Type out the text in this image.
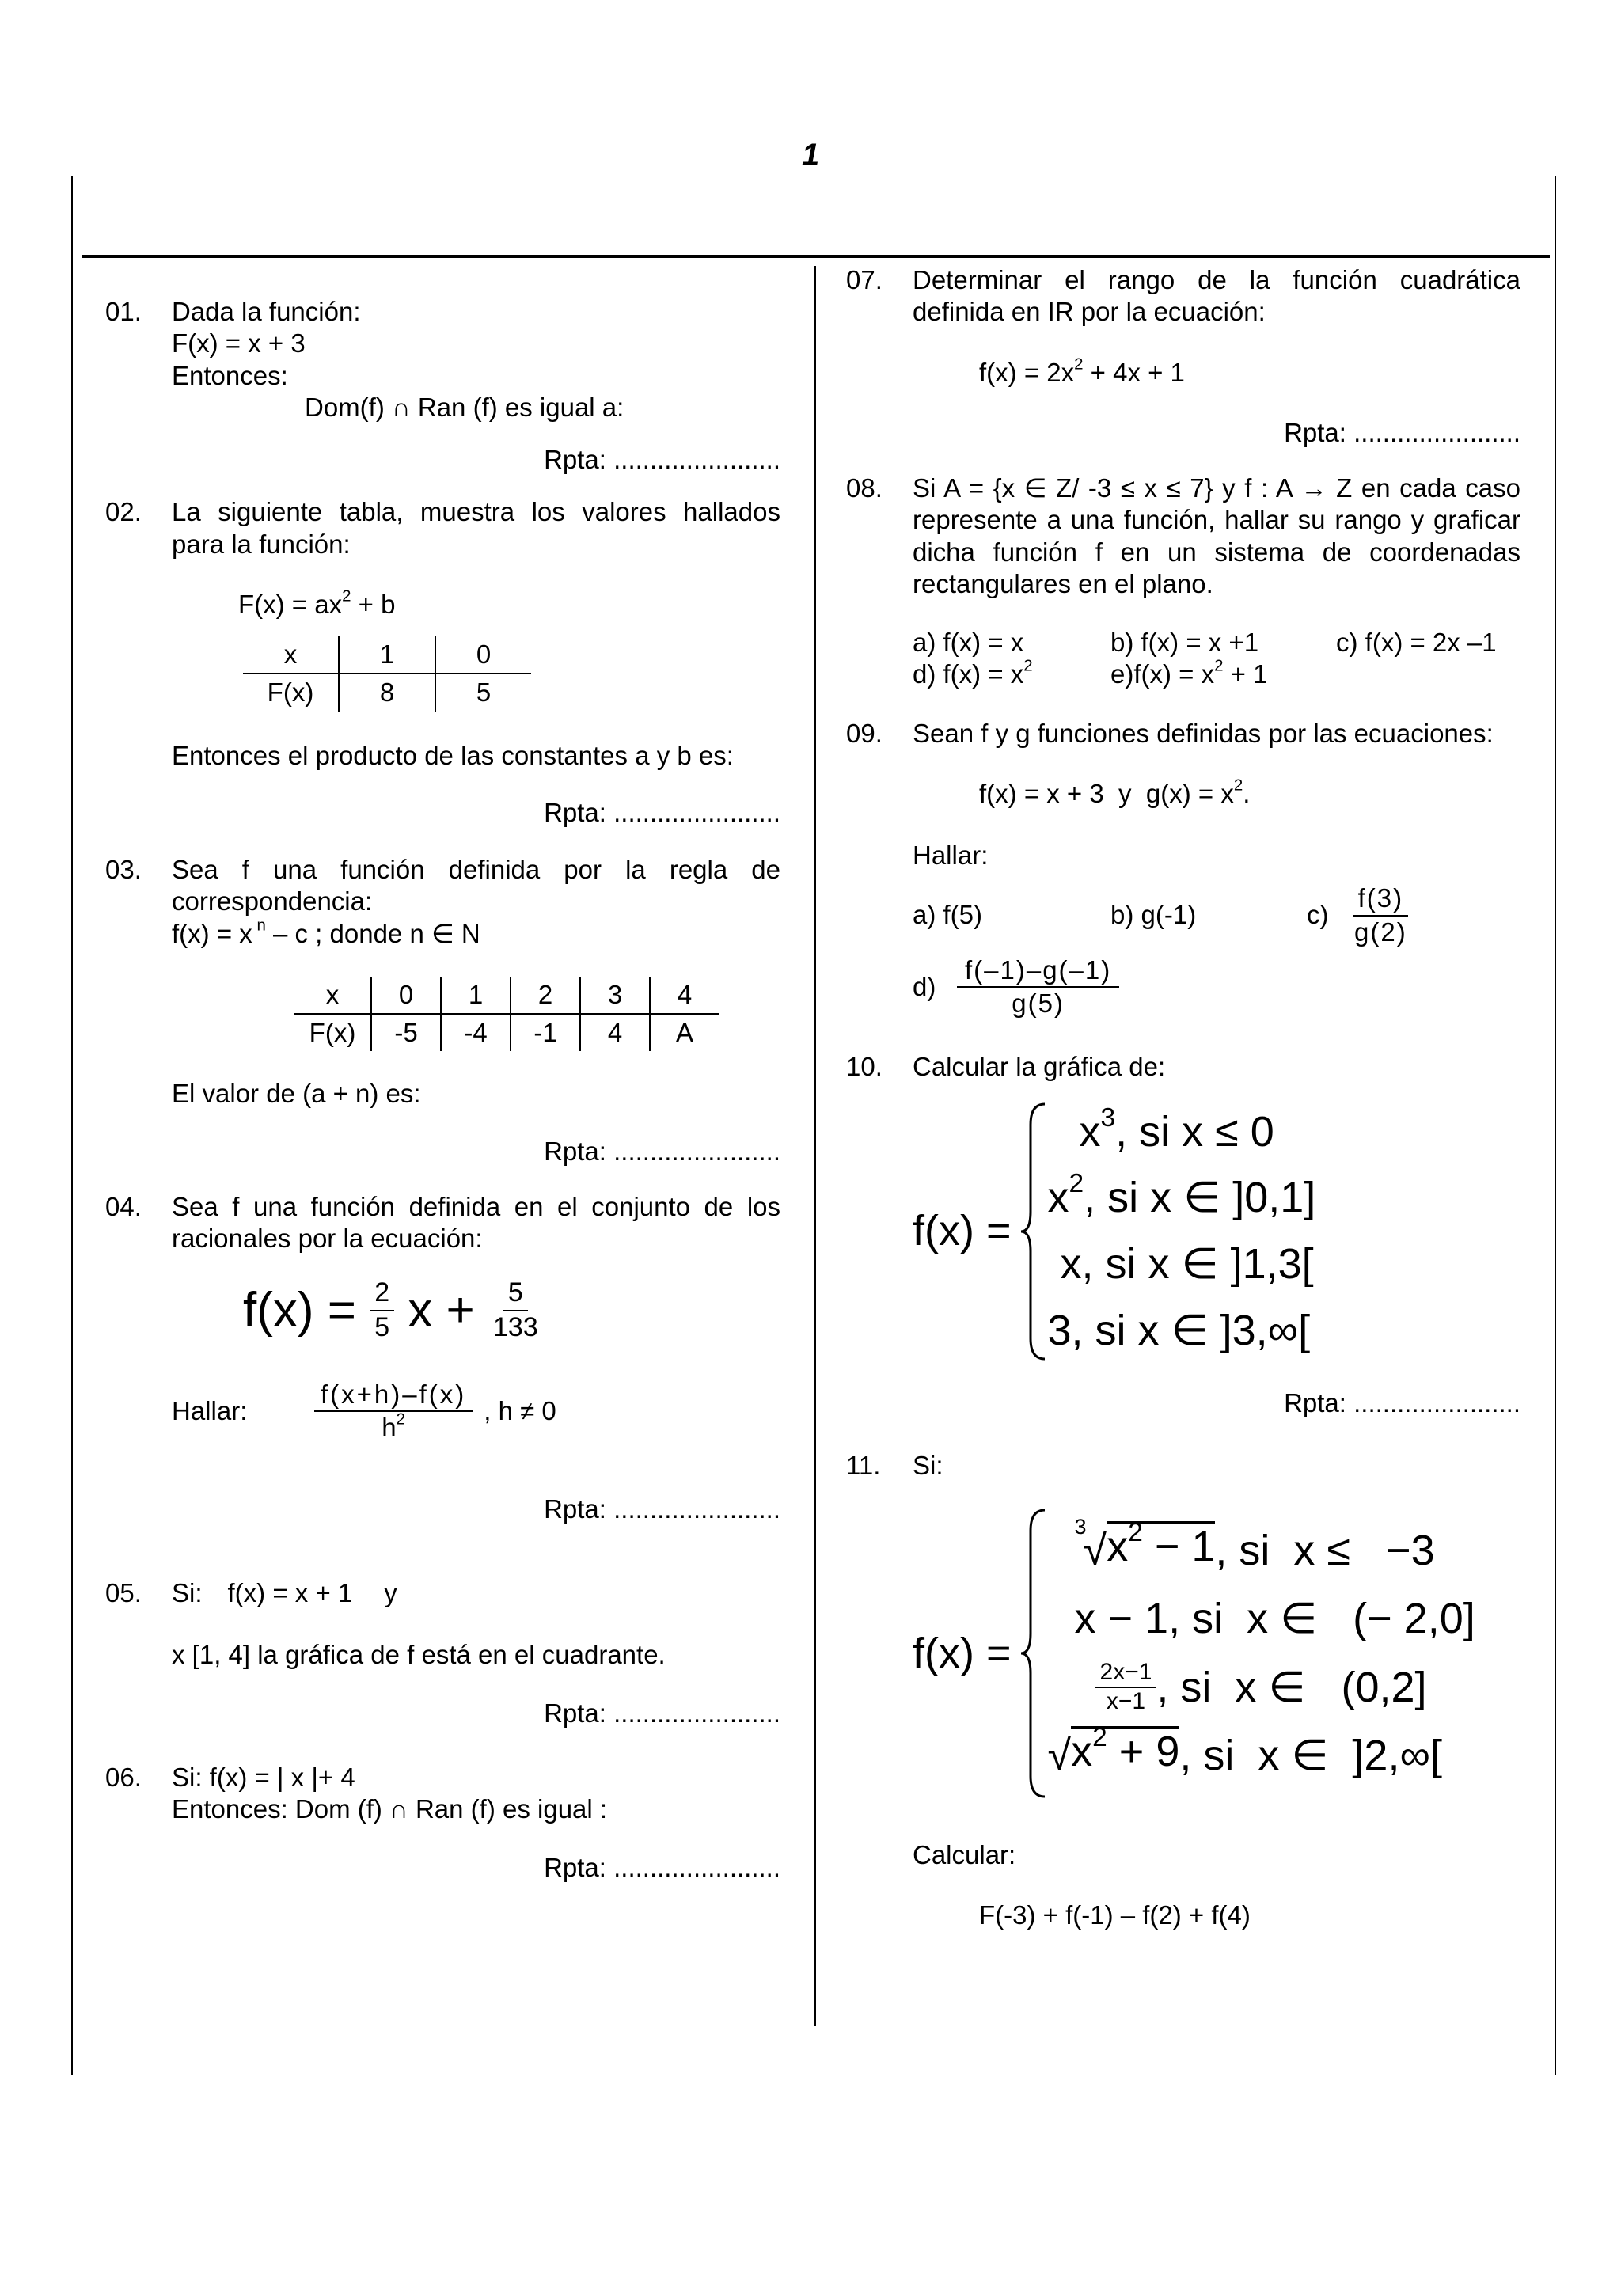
1
01. Dada la función:
F(x) = x + 3
Entonces:
Dom(f) ∩ Ran (f) es igual a:
Rpta: .......................
02. La siguiente tabla, muestra los valores hallados para la función:
$F(x) = ax^2 + b$
x	1	0
F(x)	8	5
Entonces el producto de las constantes a y b es:
Rpta: .......................
03. Sea f una función definida por la regla de correspondencia:
f(x) = x $^n$ – c ; donde n ∈ N
x	0	1	2	3	4
F(x)	-5	-4	-1	4	A
El valor de (a + n) es:
Rpta: .......................
04. Sea f una función definida en el conjunto de los racionales por la ecuación:
$f(x) = \frac{2}{5}$ $x + \frac{5}{133}$
Hallar:	$\frac{f(x+h)-f(x)}{h^2}$ , h ≠ 0
Rpta: .......................
05. Si: f(x) = x + 1 y
x [1, 4] la gráfica de f está en el cuadrante.
Rpta: .......................
06. Si: f(x) = | x |+ 4
Entonces: Dom (f) ∩ Ran (f) es igual :
Rpta: .......................
07. Determinar el rango de la función cuadrática definida en IR por la ecuación:
$f(x) = 2x^2 + 4x + 1$
Rpta: .......................
08. Si A = {x ∈ Z/ -3 ≤ x ≤ 7} y f : A → Z en cada caso represente a una función, hallar su rango y graficar dicha función f en un sistema de coordenadas rectangulares en el plano.
a) f(x) = x	b) f(x) = x +1	c) f(x) = 2x –1
d) $f(x) = x^2$	$e)f(x) = x^2 + 1$
09. Sean f y g funciones definidas por las ecuaciones:
f(x) = x + 3  y  $g(x) = x^2$.
Hallar:
a) f(5)	b) g(-1)	$c) \frac{f(3)}{g(2)}$
$d) \frac{f(-1)-g(-1)}{g(5)}$
10. Calcular la gráfica de:
f(x) =
$x^3$, si x ≤ 0
$x^2$, si x ∈ ]0,1]
x, si x ∈ ]1,3[
3, si x ∈ ]3,∞[
Rpta: .......................
11. Si:
f(x) =
3
√ $x^2 - 1$ , si  x ≤   −3
x − 1, si  x ∈   (− 2,0]
$\frac{2x-1}{x-1}$ , si  x ∈   (0,2]
√ $x^2 + 9$ , si  x ∈  ]2,∞[
Calcular:
F(-3) + f(-1) – f(2) + f(4)
